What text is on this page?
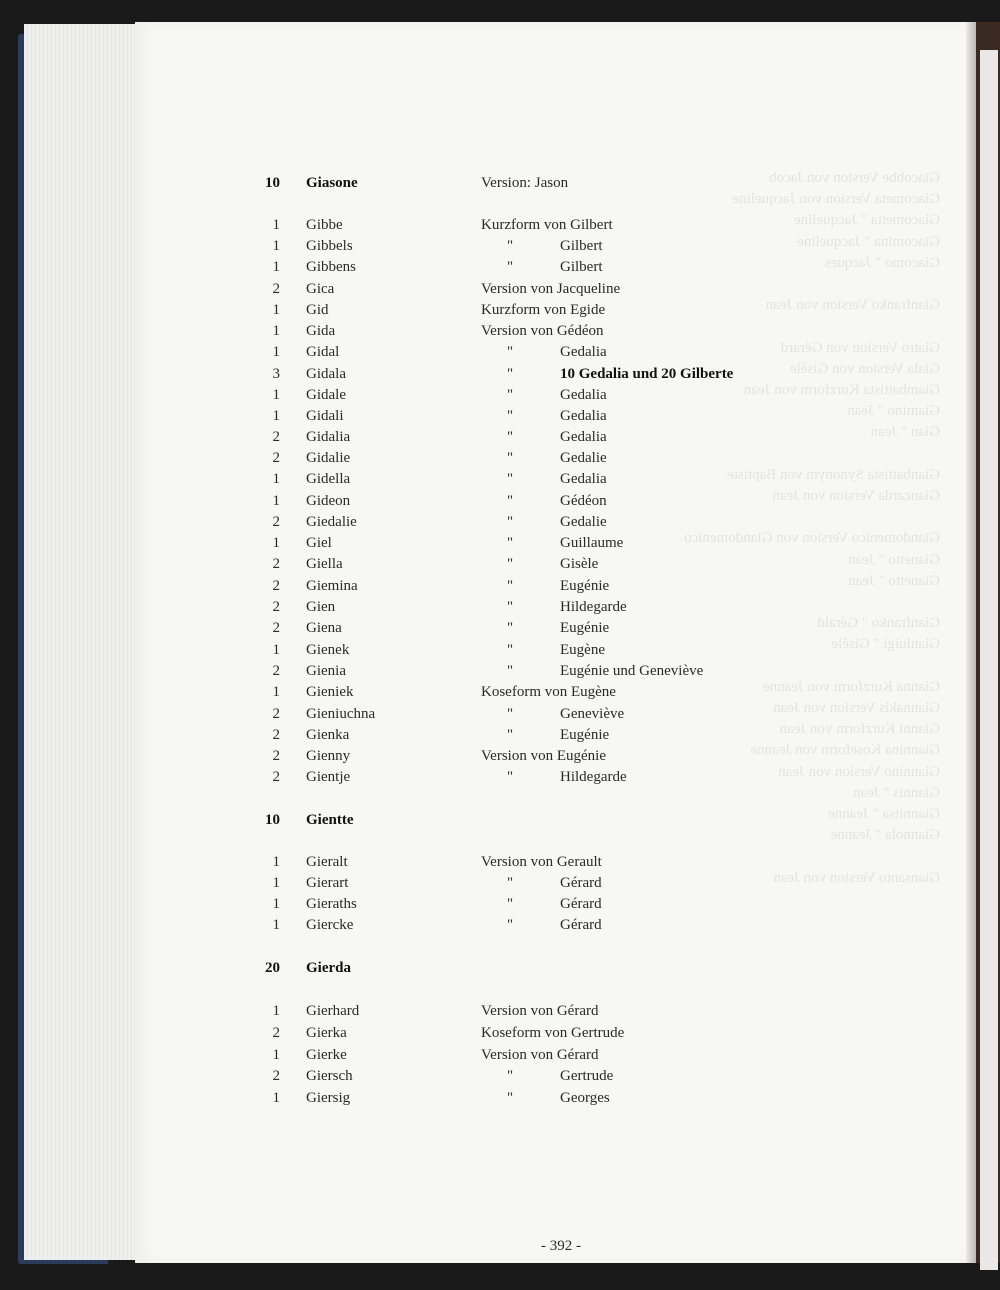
Giacobbe Version von Jacob
Giacometa Version von Jacqueline
Giacometta " Jacqueline
Giacomina " Jacqueline
Giacomo " Jacques

Gianfranko Version von Jean

Giatro Version von Gérard
Giala Version von Gisèle
Giambattista Kurzform von Jean
Giamino " Jean
Gian " Jean

Gianbattista Synonym von Baptiste
Giancarda Version von Jean

Giandomenico Version von Giandomenico
Gianetto " Jean
Gianetto " Jean

Gianfranko " Gérald
Gianluigi " Gisèle

Gianna Kurzform von Jeanne
Giannakis Version von Jean
Gianni Kurzform von Jean
Giannina Koseform von Jeanne
Giannino Version von Jean
Giannis " Jean
Giannitsa " Jeanne
Giannola " Jeanne

Giansanto Version von Jean
10 Giasone	Version: Jason
1 Gibbe	Kurzform von Gilbert
1 Gibbels	"	Gilbert
1 Gibbens	"	Gilbert
2 Gica	Version von Jacqueline
1 Gid	Kurzform von Egide
1 Gida	Version von Gédéon
1 Gidal	"	Gedalia
3 Gidala	"	10 Gedalia und 20 Gilberte
1 Gidale	"	Gedalia
1 Gidali	"	Gedalia
2 Gidalia	"	Gedalia
2 Gidalie	"	Gedalie
1 Gidella	"	Gedalia
1 Gideon	"	Gédéon
2 Giedalie	"	Gedalie
1 Giel	"	Guillaume
2 Giella	"	Gisèle
2 Giemina	"	Eugénie
2 Gien	"	Hildegarde
2 Giena	"	Eugénie
1 Gienek	"	Eugène
2 Gienia	"	Eugénie und Geneviève
1 Gieniek	Koseform von Eugène
2 Gieniuchna	"	Geneviève
2 Gienka	"	Eugénie
2 Gienny	Version von Eugénie
2 Gientje	"	Hildegarde
10 Gientte
1 Gieralt	Version von Gerault
1 Gierart	"	Gérard
1 Gieraths	"	Gérard
1 Giercke	"	Gérard
20 Gierda
1 Gierhard	Version von Gérard
2 Gierka	Koseform von Gertrude
1 Gierke	Version von Gérard
2 Giersch	"	Gertrude
1 Giersig	"	Georges
- 392 -
